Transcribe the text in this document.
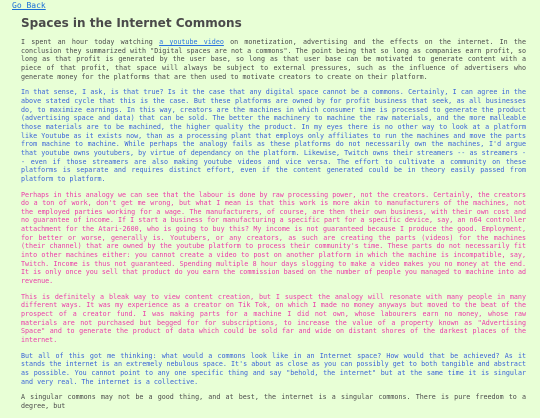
Go Back
Spaces in the Internet Commons

I spent an hour today watching a youtube video on monetization, advertising and the effects on the internet. In the conclusion they summarized with "Digital spaces are not a commons". The point being that so long as companies earn profit, so long as that profit is generated by the user base, so long as that user base can be motivated to generate content with a piece of that profit, that space will always be subject to external pressures, such as the influence of advertisers who generate money for the platforms that are then used to motivate creators to create on their platform.

In that sense, I ask, is that true? Is it the case that any digital space cannot be a commons. Certainly, I can agree in the above stated cycle that this is the case. But these platforms are owned by for profit business that seek, as all businesses do, to maximize earnings. In this way, creators are the machines in which consumer time is processed to generate the product (advertising space and data) that can be sold. The better the machinery to machine the raw materials, and the more malleable those materials are to be machined, the higher quality the product. In my eyes there is no other way to look at a platform like Youtube as it exists now, than as a processing plant that employs only affiliates to run the machines and move the parts from machine to machine. While perhaps the analogy fails as these platforms do not necessarily own the machines, I'd argue that youtube owns youtubers, by virtue of dependancy on the platform. Likewise, Twitch owns their streamers -- as streamers -- even if those streamers are also making youtube videos and vice versa. The effort to cultivate a community on these platforms is separate and requires distinct effort, even if the content generated could be in theory easily passed from platform to platform.

Perhaps in this analogy we can see that the labour is done by raw processing power, not the creators. Certainly, the creators do a ton of work, don't get me wrong, but what I mean is that this work is more akin to manufacturers of the machines, not the employed parties working for a wage. The manufacturers, of course, are then their own business, with their own cost and no guarantee of income. If I start a business for manufacturing a specific part for a specific device, say, an n64 controller attachment for the Atari-2600, who is going to buy this? My income is not guaranteed because I produce the good. Employment, for better or worse, generally is. Youtubers, or any creators, as such are creating the parts (videos) for the machines (their channel) that are owned by the youtube platform to process their community's time. These parts do not necessarily fit into other machines either: you cannot create a video to post on another platform in which the machine is incompatible, say, Twitch. Income is thus not guaranteed. Spending multiple 8 hour days slogging to make a video makes you no money at the end. It is only once you sell that product do you earn the commission based on the number of people you managed to machine into ad revenue.

This is definitely a bleak way to view content creation, but I suspect the analogy will resonate with many people in many different ways. It was my experience as a creator on Tik Tok, on which I made no money anyways but moved to the beat of the prospect of a creator fund. I was making parts for a machine I did not own, whose labourers earn no money, whose raw materials are not purchased but begged for for subscriptions, to increase the value of a property known as "Advertising Space" and to generate the product of data which could be sold far and wide on distant shores of the darkest places of the internet.

But all of this got me thinking: what would a commons look like in an Internet space? How would that be achieved? As it stands the internet is an extremely nebulous space. It's about as close as you can possibly get to both tangible and abstract as possible. You cannot point to any one specific thing and say "behold, the internet" but at the same time it is singular and very real. The internet is a collective.

A singular commons may not be a good thing, and at best, the internet is a singular commons. There is pure freedom to a degree, but
